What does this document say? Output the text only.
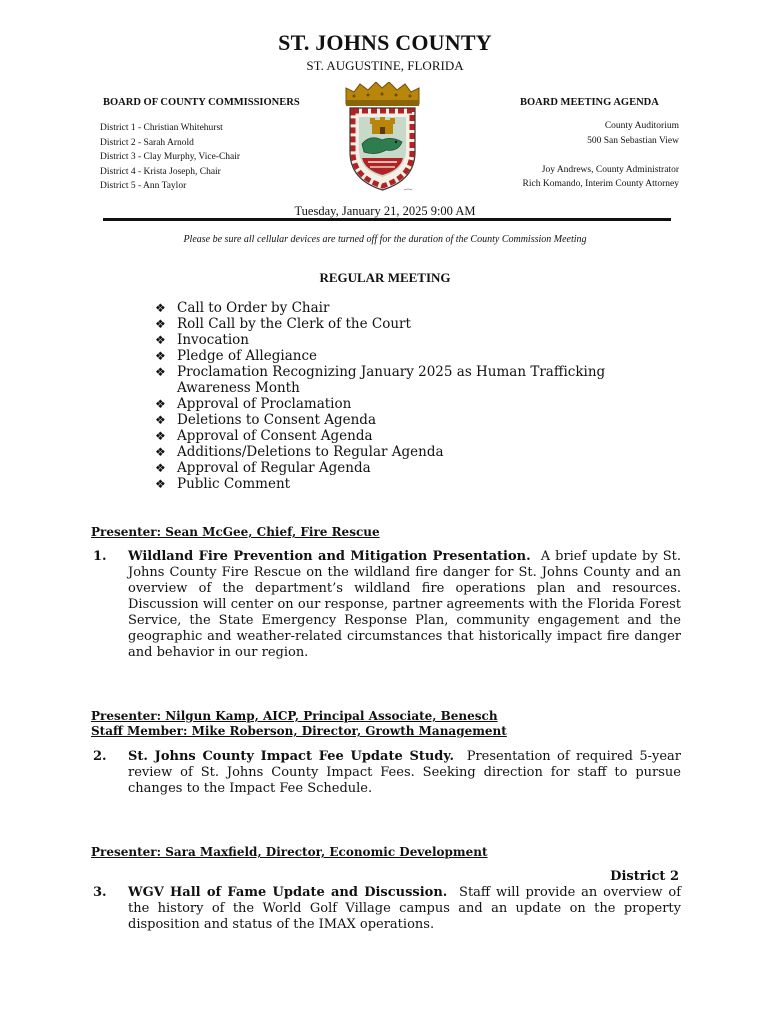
ST. JOHNS COUNTY
ST. AUGUSTINE, FLORIDA
BOARD OF COUNTY COMMISSIONERS	BOARD MEETING AGENDA
District 1 - Christian Whitehurst
District 2 - Sarah Arnold
District 3 - Clay Murphy, Vice-Chair
District 4 - Krista Joseph, Chair
District 5 - Ann Taylor
County Auditorium
500 San Sebastian View
Joy Andrews, County Administrator
Rich Komando, Interim County Attorney
Tuesday, January 21, 2025 9:00 AM
Please be sure all cellular devices are turned off for the duration of the County Commission Meeting
REGULAR MEETING
❖ Call to Order by Chair
❖ Roll Call by the Clerk of the Court
❖ Invocation
❖ Pledge of Allegiance
❖ Proclamation Recognizing January 2025 as Human Trafficking Awareness Month
❖ Approval of Proclamation
❖ Deletions to Consent Agenda
❖ Approval of Consent Agenda
❖ Additions/Deletions to Regular Agenda
❖ Approval of Regular Agenda
❖ Public Comment
Presenter: Sean McGee, Chief, Fire Rescue
1. Wildland Fire Prevention and Mitigation Presentation. A brief update by St. Johns County Fire Rescue on the wildland fire danger for St. Johns County and an overview of the department’s wildland fire operations plan and resources. Discussion will center on our response, partner agreements with the Florida Forest Service, the State Emergency Response Plan, community engagement and the geographic and weather-related circumstances that historically impact fire danger and behavior in our region.
Presenter: Nilgun Kamp, AICP, Principal Associate, Benesch
Staff Member: Mike Roberson, Director, Growth Management
2. St. Johns County Impact Fee Update Study. Presentation of required 5-year review of St. Johns County Impact Fees. Seeking direction for staff to pursue changes to the Impact Fee Schedule.
Presenter: Sara Maxfield, Director, Economic Development
District 2
3. WGV Hall of Fame Update and Discussion. Staff will provide an overview of the history of the World Golf Village campus and an update on the property disposition and status of the IMAX operations.
